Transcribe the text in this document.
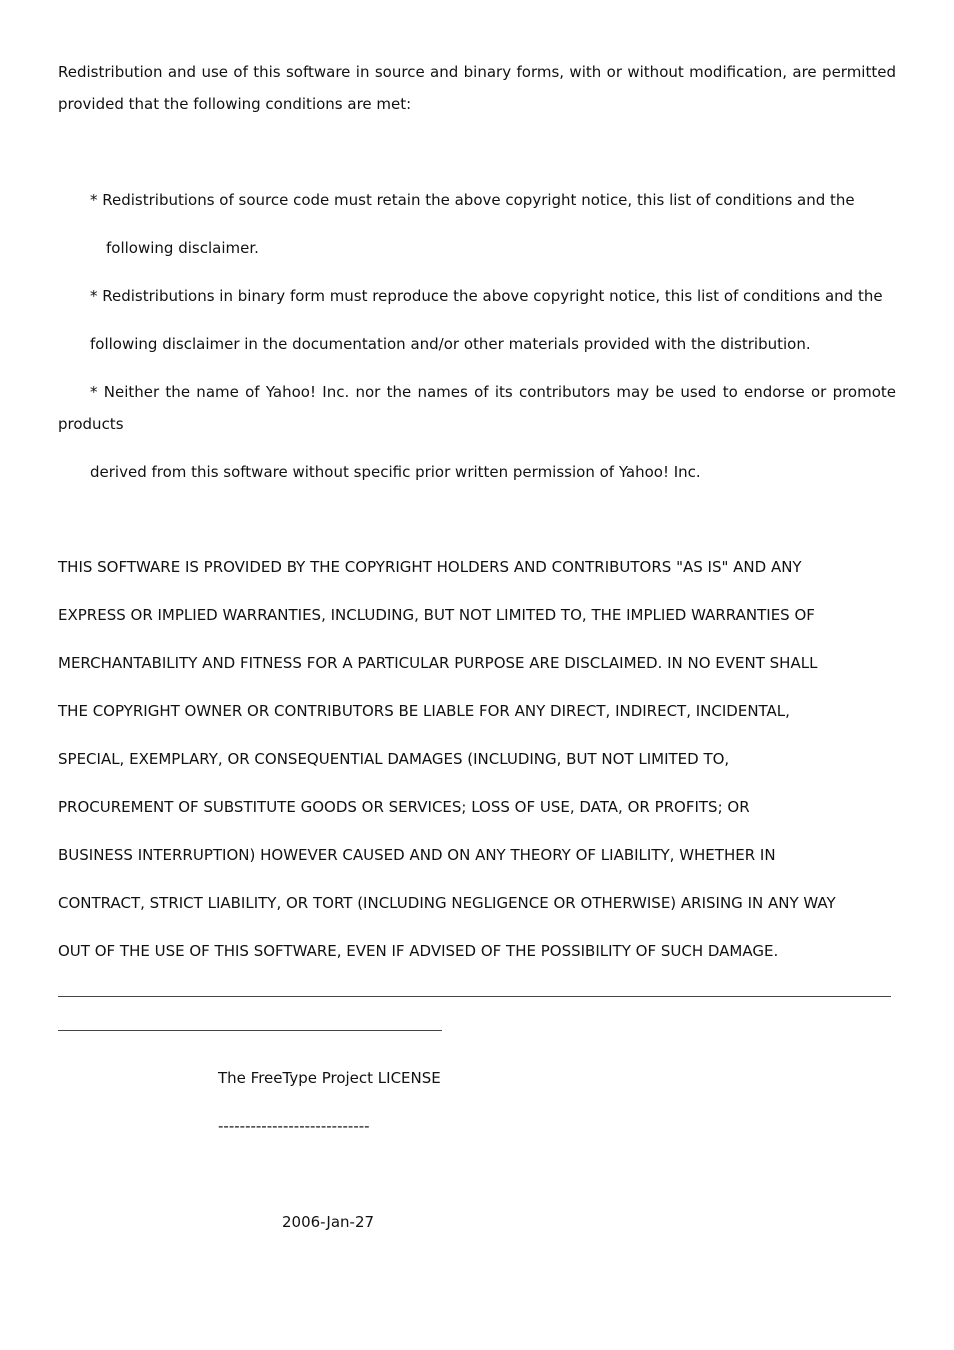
Redistribution and use of this software in source and binary forms, with or without modification, are permitted
provided that the following conditions are met:
* Redistributions of source code must retain the above copyright notice, this list of conditions and the
following disclaimer.
* Redistributions in binary form must reproduce the above copyright notice, this list of conditions and the
following disclaimer in the documentation and/or other materials provided with the distribution.
* Neither the name of Yahoo! Inc. nor the names of its contributors may be used to endorse or promote
products
derived from this software without specific prior written permission of Yahoo! Inc.
THIS SOFTWARE IS PROVIDED BY THE COPYRIGHT HOLDERS AND CONTRIBUTORS "AS IS" AND ANY
EXPRESS OR IMPLIED WARRANTIES, INCLUDING, BUT NOT LIMITED TO, THE IMPLIED WARRANTIES OF
MERCHANTABILITY AND FITNESS FOR A PARTICULAR PURPOSE ARE DISCLAIMED. IN NO EVENT SHALL
THE COPYRIGHT OWNER OR CONTRIBUTORS BE LIABLE FOR ANY DIRECT, INDIRECT, INCIDENTAL,
SPECIAL, EXEMPLARY, OR CONSEQUENTIAL DAMAGES (INCLUDING, BUT NOT LIMITED TO,
PROCUREMENT OF SUBSTITUTE GOODS OR SERVICES; LOSS OF USE, DATA, OR PROFITS; OR
BUSINESS INTERRUPTION) HOWEVER CAUSED AND ON ANY THEORY OF LIABILITY, WHETHER IN
CONTRACT, STRICT LIABILITY, OR TORT (INCLUDING NEGLIGENCE OR OTHERWISE) ARISING IN ANY WAY
OUT OF THE USE OF THIS SOFTWARE, EVEN IF ADVISED OF THE POSSIBILITY OF SUCH DAMAGE.
The FreeType Project LICENSE
----------------------------
2006-Jan-27
